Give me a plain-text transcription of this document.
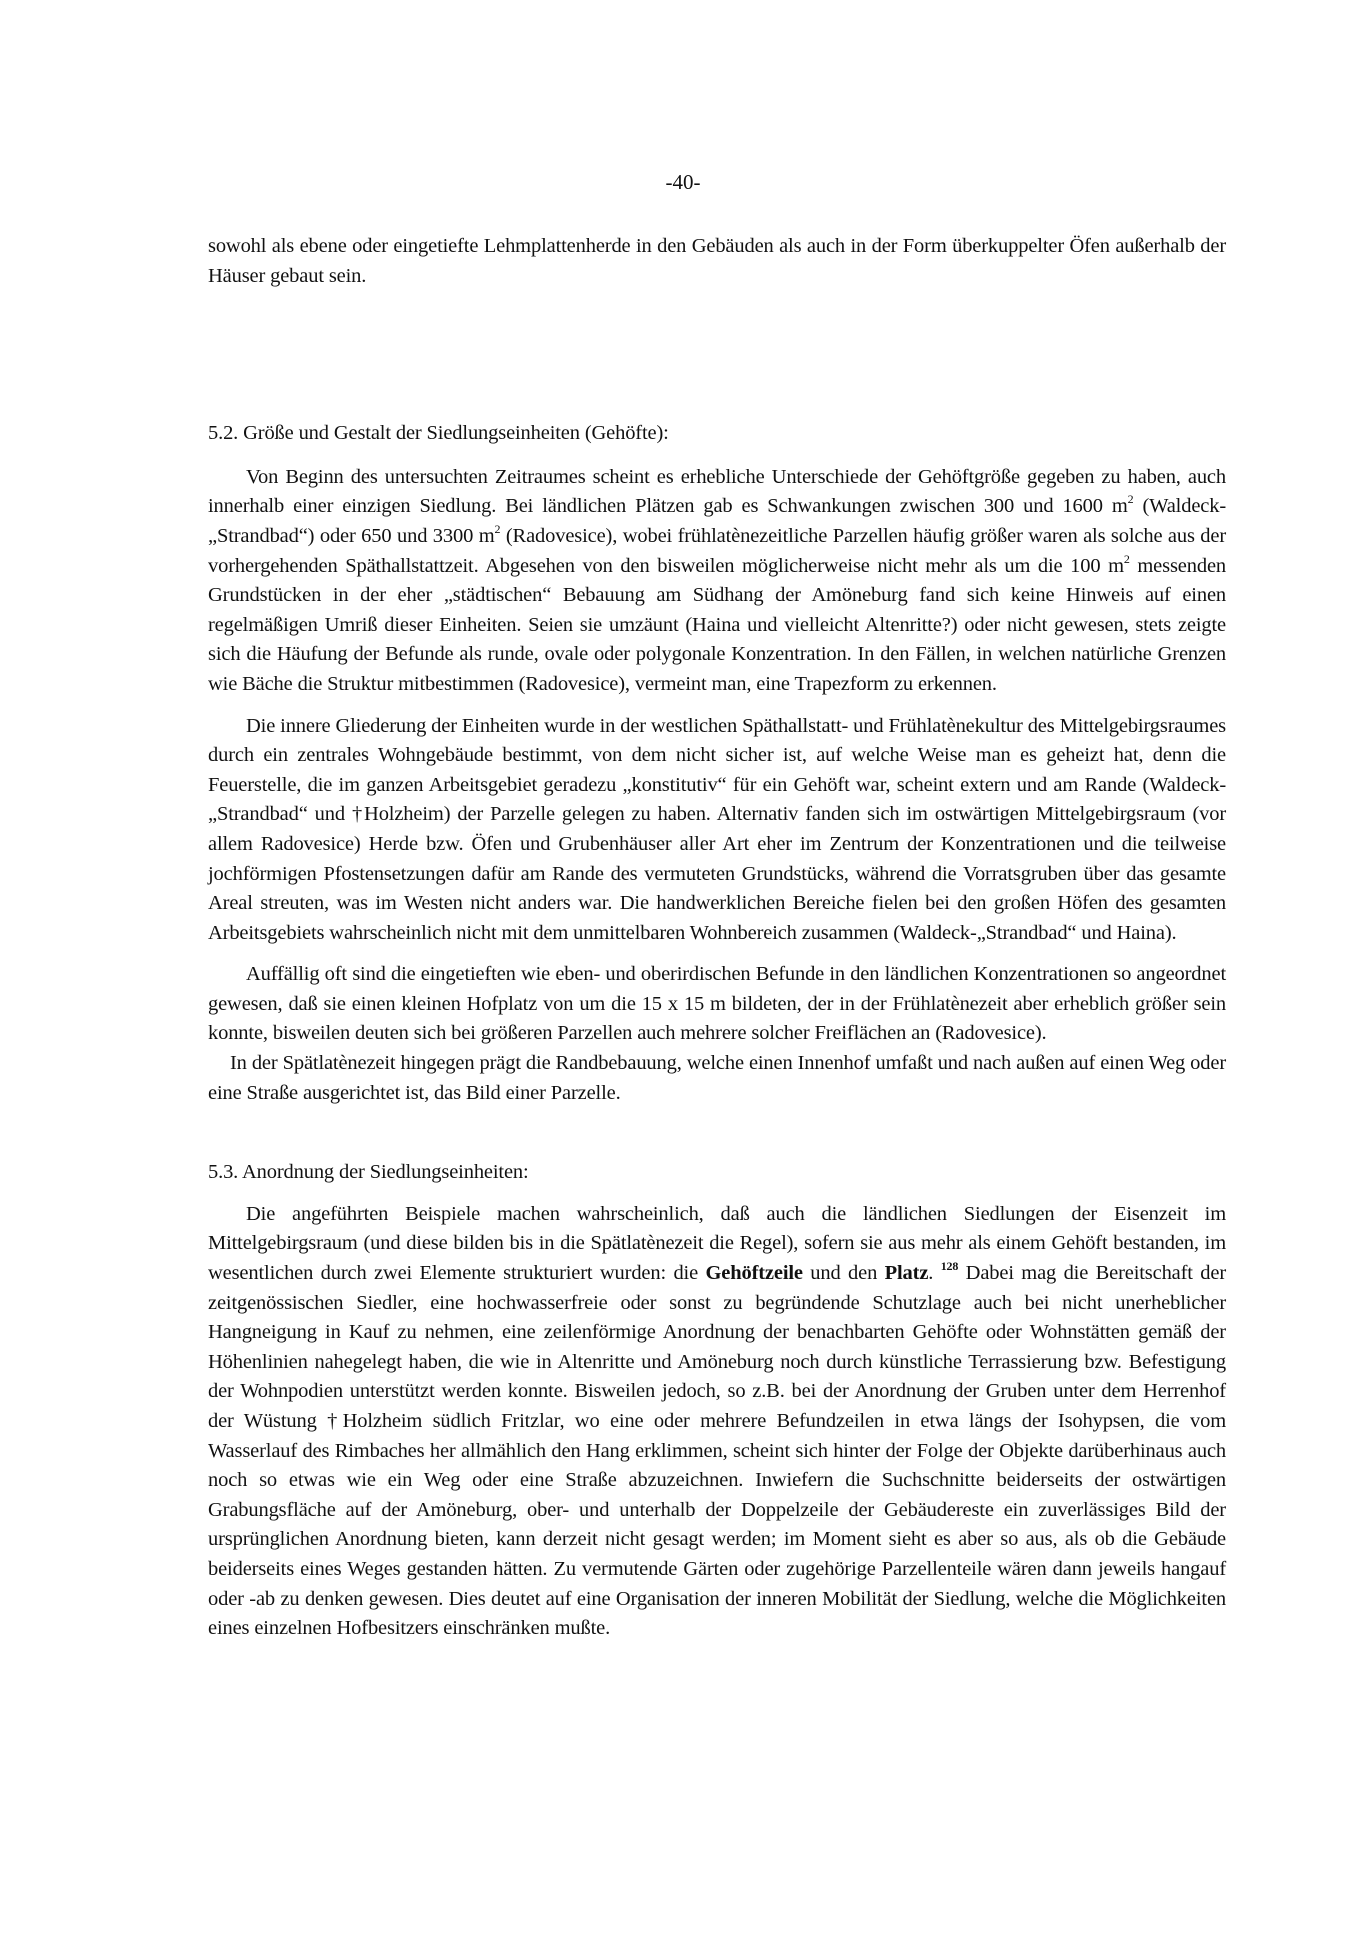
-40-

sowohl als ebene oder eingetiefte Lehmplattenherde in den Gebäuden als auch in der Form überkuppelter Öfen außerhalb der Häuser gebaut sein.

5.2. Größe und Gestalt der Siedlungseinheiten (Gehöfte):

Von Beginn des untersuchten Zeitraumes scheint es erhebliche Unterschiede der Gehöftgröße gegeben zu haben, auch innerhalb einer einzigen Siedlung. Bei ländlichen Plätzen gab es Schwankungen zwischen 300 und 1600 $m^2$ (Waldeck-„Strandbad“) oder 650 und 3300 $m^2$ (Radovesice), wobei frühlatènezeitliche Parzellen häufig größer waren als solche aus der vorhergehenden Späthallstattzeit. Abgesehen von den bisweilen möglicherweise nicht mehr als um die 100 $m^2$ messenden Grundstücken in der eher „städtischen“ Bebauung am Südhang der Amöneburg fand sich keine Hinweis auf einen regelmäßigen Umriß dieser Einheiten. Seien sie umzäunt (Haina und vielleicht Altenritte?) oder nicht gewesen, stets zeigte sich die Häufung der Befunde als runde, ovale oder polygonale Konzentration. In den Fällen, in welchen natürliche Grenzen wie Bäche die Struktur mitbestimmen (Radovesice), vermeint man, eine Trapezform zu erkennen.

Die innere Gliederung der Einheiten wurde in der westlichen Späthallstatt- und Frühlatènekultur des Mittelgebirgsraumes durch ein zentrales Wohngebäude bestimmt, von dem nicht sicher ist, auf welche Weise man es geheizt hat, denn die Feuerstelle, die im ganzen Arbeitsgebiet geradezu „konstitutiv“ für ein Gehöft war, scheint extern und am Rande (Waldeck-„Strandbad“ und †Holzheim) der Parzelle gelegen zu haben. Alternativ fanden sich im ostwärtigen Mittelgebirgsraum (vor allem Radovesice) Herde bzw. Öfen und Grubenhäuser aller Art eher im Zentrum der Konzentrationen und die teilweise jochförmigen Pfostensetzungen dafür am Rande des vermuteten Grundstücks, während die Vorratsgruben über das gesamte Areal streuten, was im Westen nicht anders war. Die handwerklichen Bereiche fielen bei den großen Höfen des gesamten Arbeitsgebiets wahrscheinlich nicht mit dem unmittelbaren Wohnbereich zusammen (Waldeck-„Strandbad“ und Haina).

Auffällig oft sind die eingetieften wie eben- und oberirdischen Befunde in den ländlichen Konzentrationen so angeordnet gewesen, daß sie einen kleinen Hofplatz von um die 15 x 15 m bildeten, der in der Frühlatènezeit aber erheblich größer sein konnte, bisweilen deuten sich bei größeren Parzellen auch mehrere solcher Freiflächen an (Radovesice).

In der Spätlatènezeit hingegen prägt die Randbebauung, welche einen Innenhof umfaßt und nach außen auf einen Weg oder eine Straße ausgerichtet ist, das Bild einer Parzelle.

5.3. Anordnung der Siedlungseinheiten:

Die angeführten Beispiele machen wahrscheinlich, daß auch die ländlichen Siedlungen der Eisenzeit im Mittelgebirgsraum (und diese bilden bis in die Spätlatènezeit die Regel), sofern sie aus mehr als einem Gehöft bestanden, im wesentlichen durch zwei Elemente strukturiert wurden: die Gehöftzeile und den Platz. $^{128}$ Dabei mag die Bereitschaft der zeitgenössischen Siedler, eine hochwasserfreie oder sonst zu begründende Schutzlage auch bei nicht unerheblicher Hangneigung in Kauf zu nehmen, eine zeilenförmige Anordnung der benachbarten Gehöfte oder Wohnstätten gemäß der Höhenlinien nahegelegt haben, die wie in Altenritte und Amöneburg noch durch künstliche Terrassierung bzw. Befestigung der Wohnpodien unterstützt werden konnte. Bisweilen jedoch, so z.B. bei der Anordnung der Gruben unter dem Herrenhof der Wüstung †Holzheim südlich Fritzlar, wo eine oder mehrere Befundzeilen in etwa längs der Isohypsen, die vom Wasserlauf des Rimbaches her allmählich den Hang erklimmen, scheint sich hinter der Folge der Objekte darüberhinaus auch noch so etwas wie ein Weg oder eine Straße abzuzeichnen. Inwiefern die Suchschnitte beiderseits der ostwärtigen Grabungsfläche auf der Amöneburg, ober- und unterhalb der Doppelzeile der Gebäudereste ein zuverlässiges Bild der ursprünglichen Anordnung bieten, kann derzeit nicht gesagt werden; im Moment sieht es aber so aus, als ob die Gebäude beiderseits eines Weges gestanden hätten. Zu vermutende Gärten oder zugehörige Parzellenteile wären dann jeweils hangauf oder -ab zu denken gewesen. Dies deutet auf eine Organisation der inneren Mobilität der Siedlung, welche die Möglichkeiten eines einzelnen Hofbesitzers einschränken mußte.
